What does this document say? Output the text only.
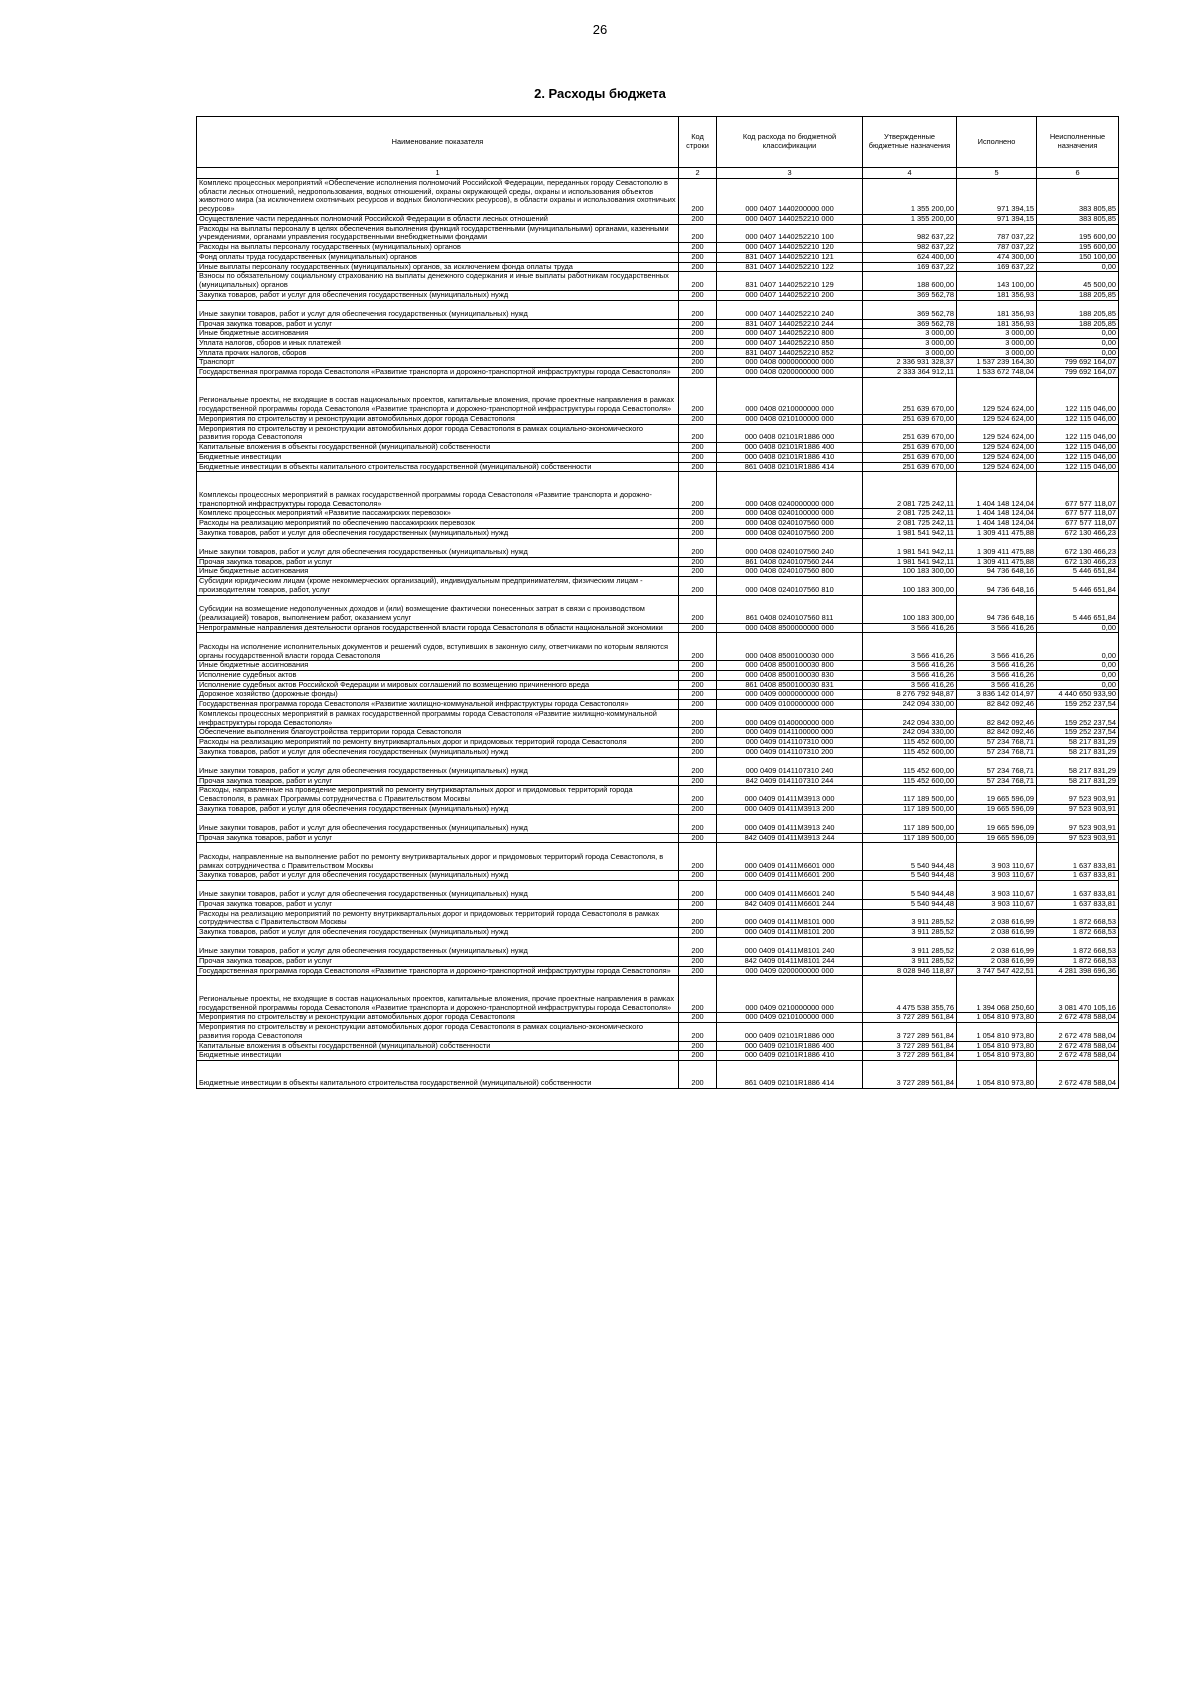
26
2. Расходы бюджета
Наименование показателя	Код строки	Код расхода по бюджетной классификации	Утвержденные бюджетные назначения	Исполнено	Неисполненные назначения
1	2	3	4	5	6
Комплекс процессных мероприятий «Обеспечение исполнения полномочий Российской Федерации, переданных городу Севастополю в области лесных отношений, недропользования, водных отношений, охраны окружающей среды, охраны и использования объектов животного мира (за исключением охотничьих ресурсов и водных биологических ресурсов), в области охраны и использования охотничьих ресурсов»	200	000 0407 1440200000 000	1 355 200,00	971 394,15	383 805,85
Осуществление части переданных полномочий Российской Федерации в области лесных отношений	200	000 0407 1440252210 000	1 355 200,00	971 394,15	383 805,85
Расходы на выплаты персоналу в целях обеспечения выполнения функций государственными (муниципальными) органами, казенными учреждениями, органами управления государственными внебюджетными фондами	200	000 0407 1440252210 100	982 637,22	787 037,22	195 600,00
Расходы на выплаты персоналу государственных (муниципальных) органов	200	000 0407 1440252210 120	982 637,22	787 037,22	195 600,00
Фонд оплаты труда государственных (муниципальных) органов	200	831 0407 1440252210 121	624 400,00	474 300,00	150 100,00
Иные выплаты персоналу государственных (муниципальных) органов, за исключением фонда оплаты труда	200	831 0407 1440252210 122	169 637,22	169 637,22	0,00
Взносы по обязательному социальному страхованию на выплаты денежного содержания и иные выплаты работникам государственных (муниципальных) органов	200	831 0407 1440252210 129	188 600,00	143 100,00	45 500,00
Закупка товаров, работ и услуг для обеспечения государственных (муниципальных) нужд	200	000 0407 1440252210 200	369 562,78	181 356,93	188 205,85
Иные закупки товаров, работ и услуг для обеспечения государственных (муниципальных) нужд	200	000 0407 1440252210 240	369 562,78	181 356,93	188 205,85
Прочая закупка товаров, работ и услуг	200	831 0407 1440252210 244	369 562,78	181 356,93	188 205,85
Иные бюджетные ассигнования	200	000 0407 1440252210 800	3 000,00	3 000,00	0,00
Уплата налогов, сборов и иных платежей	200	000 0407 1440252210 850	3 000,00	3 000,00	0,00
Уплата прочих налогов, сборов	200	831 0407 1440252210 852	3 000,00	3 000,00	0,00
Транспорт	200	000 0408 0000000000 000	2 336 931 328,37	1 537 239 164,30	799 692 164,07
Государственная программа города Севастополя «Развитие транспорта и дорожно-транспортной инфраструктуры города Севастополя»	200	000 0408 0200000000 000	2 333 364 912,11	1 533 672 748,04	799 692 164,07
Региональные проекты, не входящие в состав национальных проектов, капитальные вложения, прочие проектные направления в рамках государственной программы города Севастополя «Развитие транспорта и дорожно-транспортной инфраструктуры города Севастополя»	200	000 0408 0210000000 000	251 639 670,00	129 524 624,00	122 115 046,00
Мероприятия по строительству и реконструкции автомобильных дорог города Севастополя	200	000 0408 0210100000 000	251 639 670,00	129 524 624,00	122 115 046,00
Мероприятия по строительству и реконструкции автомобильных дорог города Севастополя в рамках социально-экономического развития города Севастополя	200	000 0408 02101R1886 000	251 639 670,00	129 524 624,00	122 115 046,00
Капитальные вложения в объекты государственной (муниципальной) собственности	200	000 0408 02101R1886 400	251 639 670,00	129 524 624,00	122 115 046,00
Бюджетные инвестиции	200	000 0408 02101R1886 410	251 639 670,00	129 524 624,00	122 115 046,00
Бюджетные инвестиции в объекты капитального строительства государственной (муниципальной) собственности	200	861 0408 02101R1886 414	251 639 670,00	129 524 624,00	122 115 046,00
Комплексы процессных мероприятий в рамках государственной программы города Севастополя «Развитие транспорта и дорожно-транспортной инфраструктуры города Севастополя»	200	000 0408 0240000000 000	2 081 725 242,11	1 404 148 124,04	677 577 118,07
Комплекс процессных мероприятий «Развитие пассажирских перевозок»	200	000 0408 0240100000 000	2 081 725 242,11	1 404 148 124,04	677 577 118,07
Расходы на реализацию мероприятий по обеспечению пассажирских перевозок	200	000 0408 0240107560 000	2 081 725 242,11	1 404 148 124,04	677 577 118,07
Закупка товаров, работ и услуг для обеспечения государственных (муниципальных) нужд	200	000 0408 0240107560 200	1 981 541 942,11	1 309 411 475,88	672 130 466,23
Иные закупки товаров, работ и услуг для обеспечения государственных (муниципальных) нужд	200	000 0408 0240107560 240	1 981 541 942,11	1 309 411 475,88	672 130 466,23
Прочая закупка товаров, работ и услуг	200	861 0408 0240107560 244	1 981 541 942,11	1 309 411 475,88	672 130 466,23
Иные бюджетные ассигнования	200	000 0408 0240107560 800	100 183 300,00	94 736 648,16	5 446 651,84
Субсидии юридическим лицам (кроме некоммерческих организаций), индивидуальным предпринимателям, физическим лицам - производителям товаров, работ, услуг	200	000 0408 0240107560 810	100 183 300,00	94 736 648,16	5 446 651,84
Субсидии на возмещение недополученных доходов и (или) возмещение фактически понесенных затрат в связи с производством (реализацией) товаров, выполнением работ, оказанием услуг	200	861 0408 0240107560 811	100 183 300,00	94 736 648,16	5 446 651,84
Непрограммные направления деятельности органов государственной власти города Севастополя в области национальной экономики	200	000 0408 8500000000 000	3 566 416,26	3 566 416,26	0,00
Расходы на исполнение исполнительных документов и решений судов, вступивших в законную силу, ответчиками по которым являются органы государственной власти города Севастополя	200	000 0408 8500100030 000	3 566 416,26	3 566 416,26	0,00
Иные бюджетные ассигнования	200	000 0408 8500100030 800	3 566 416,26	3 566 416,26	0,00
Исполнение судебных актов	200	000 0408 8500100030 830	3 566 416,26	3 566 416,26	0,00
Исполнение судебных актов Российской Федерации и мировых соглашений по возмещению причиненного вреда	200	861 0408 8500100030 831	3 566 416,26	3 566 416,26	0,00
Дорожное хозяйство (дорожные фонды)	200	000 0409 0000000000 000	8 276 792 948,87	3 836 142 014,97	4 440 650 933,90
Государственная программа города Севастополя «Развитие жилищно-коммунальной инфраструктуры города Севастополя»	200	000 0409 0100000000 000	242 094 330,00	82 842 092,46	159 252 237,54
Комплексы процессных мероприятий в рамках государственной программы города Севастополя «Развитие жилищно-коммунальной инфраструктуры города Севастополя»	200	000 0409 0140000000 000	242 094 330,00	82 842 092,46	159 252 237,54
Обеспечение выполнения благоустройства территории города Севастополя	200	000 0409 0141100000 000	242 094 330,00	82 842 092,46	159 252 237,54
Расходы на реализацию мероприятий по ремонту внутриквартальных дорог и придомовых территорий города Севастополя	200	000 0409 0141107310 000	115 452 600,00	57 234 768,71	58 217 831,29
Закупка товаров, работ и услуг для обеспечения государственных (муниципальных) нужд	200	000 0409 0141107310 200	115 452 600,00	57 234 768,71	58 217 831,29
Иные закупки товаров, работ и услуг для обеспечения государственных (муниципальных) нужд	200	000 0409 0141107310 240	115 452 600,00	57 234 768,71	58 217 831,29
Прочая закупка товаров, работ и услуг	200	842 0409 0141107310 244	115 452 600,00	57 234 768,71	58 217 831,29
Расходы, направленные на проведение мероприятий по ремонту внутриквартальных дорог и придомовых территорий города Севастополя, в рамках Программы сотрудничества с Правительством Москвы	200	000 0409 01411M3913 000	117 189 500,00	19 665 596,09	97 523 903,91
Закупка товаров, работ и услуг для обеспечения государственных (муниципальных) нужд	200	000 0409 01411M3913 200	117 189 500,00	19 665 596,09	97 523 903,91
Иные закупки товаров, работ и услуг для обеспечения государственных (муниципальных) нужд	200	000 0409 01411M3913 240	117 189 500,00	19 665 596,09	97 523 903,91
Прочая закупка товаров, работ и услуг	200	842 0409 01411M3913 244	117 189 500,00	19 665 596,09	97 523 903,91
Расходы, направленные на выполнение работ по ремонту внутриквартальных дорог и придомовых территорий города Севастополя, в рамках сотрудничества с Правительством Москвы	200	000 0409 01411M6601 000	5 540 944,48	3 903 110,67	1 637 833,81
Закупка товаров, работ и услуг для обеспечения государственных (муниципальных) нужд	200	000 0409 01411M6601 200	5 540 944,48	3 903 110,67	1 637 833,81
Иные закупки товаров, работ и услуг для обеспечения государственных (муниципальных) нужд	200	000 0409 01411M6601 240	5 540 944,48	3 903 110,67	1 637 833,81
Прочая закупка товаров, работ и услуг	200	842 0409 01411M6601 244	5 540 944,48	3 903 110,67	1 637 833,81
Расходы на реализацию мероприятий по ремонту внутриквартальных дорог и придомовых территорий города Севастополя в рамках сотрудничества с Правительством Москвы	200	000 0409 01411M8101 000	3 911 285,52	2 038 616,99	1 872 668,53
Закупка товаров, работ и услуг для обеспечения государственных (муниципальных) нужд	200	000 0409 01411M8101 200	3 911 285,52	2 038 616,99	1 872 668,53
Иные закупки товаров, работ и услуг для обеспечения государственных (муниципальных) нужд	200	000 0409 01411M8101 240	3 911 285,52	2 038 616,99	1 872 668,53
Прочая закупка товаров, работ и услуг	200	842 0409 01411M8101 244	3 911 285,52	2 038 616,99	1 872 668,53
Государственная программа города Севастополя «Развитие транспорта и дорожно-транспортной инфраструктуры города Севастополя»	200	000 0409 0200000000 000	8 028 946 118,87	3 747 547 422,51	4 281 398 696,36
Региональные проекты, не входящие в состав национальных проектов, капитальные вложения, прочие проектные направления в рамках государственной программы города Севастополя «Развитие транспорта и дорожно-транспортной инфраструктуры города Севастополя»	200	000 0409 0210000000 000	4 475 538 355,76	1 394 068 250,60	3 081 470 105,16
Мероприятия по строительству и реконструкции автомобильных дорог города Севастополя	200	000 0409 0210100000 000	3 727 289 561,84	1 054 810 973,80	2 672 478 588,04
Мероприятия по строительству и реконструкции автомобильных дорог города Севастополя в рамках социально-экономического развития города Севастополя	200	000 0409 02101R1886 000	3 727 289 561,84	1 054 810 973,80	2 672 478 588,04
Капитальные вложения в объекты государственной (муниципальной) собственности	200	000 0409 02101R1886 400	3 727 289 561,84	1 054 810 973,80	2 672 478 588,04
Бюджетные инвестиции	200	000 0409 02101R1886 410	3 727 289 561,84	1 054 810 973,80	2 672 478 588,04
Бюджетные инвестиции в объекты капитального строительства государственной (муниципальной) собственности	200	861 0409 02101R1886 414	3 727 289 561,84	1 054 810 973,80	2 672 478 588,04
